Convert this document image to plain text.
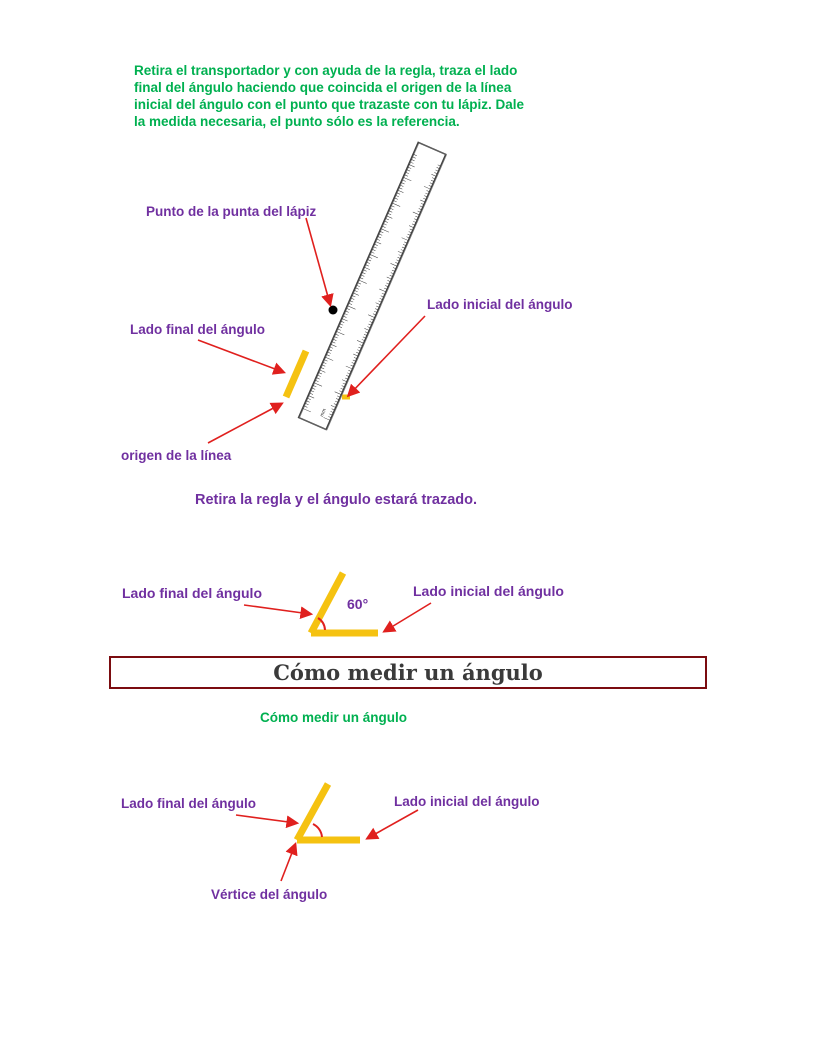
Retira el transportador y con ayuda de la regla, traza el lado
final del ángulo haciendo que coincida el origen de la línea
inicial del ángulo con el punto que trazaste con tu lápiz. Dale
la medida necesaria, el punto sólo es la referencia.
mm
Punto de la punta del lápiz
Lado final del ángulo
Lado inicial del ángulo
origen de la línea
Retira la regla y el ángulo estará trazado.
Lado final del ángulo	Lado inicial del ángulo
60°
Cómo medir un ángulo
Cómo medir un ángulo
Lado final del ángulo	Lado inicial del ángulo
Vértice del ángulo
